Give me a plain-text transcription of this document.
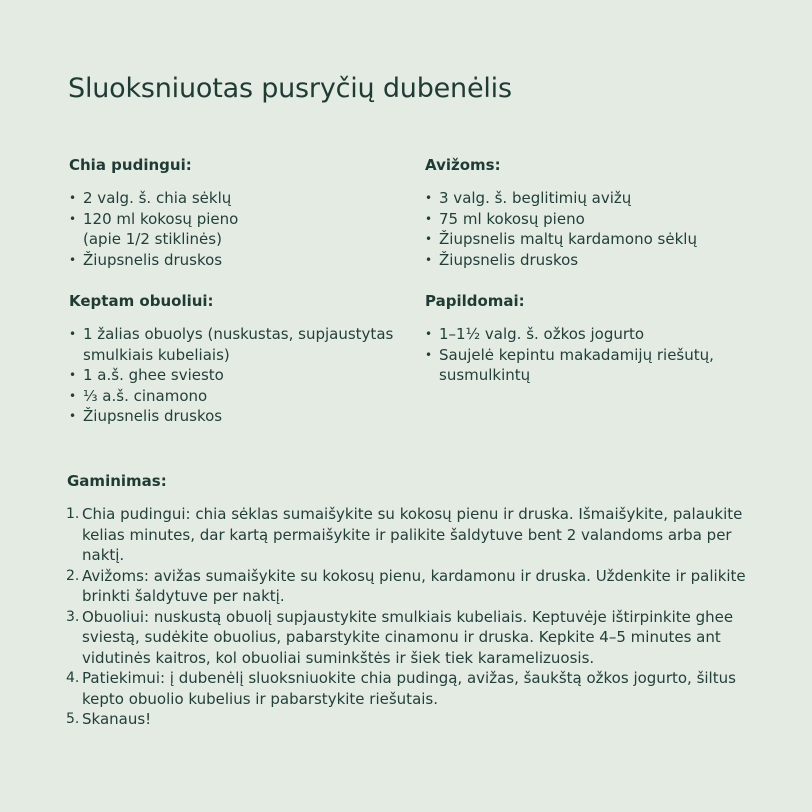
Sluoksniuotas pusryčių dubenėlis
Chia pudingui:
• 2 valg. š. chia sėklų
• 120 ml kokosų pieno (apie 1/2 stiklinės)
• Žiupsnelis druskos
Keptam obuoliui:
• 1 žalias obuolys (nuskustas, supjaustytas smulkiais kubeliais)
• 1 a.š. ghee sviesto
• ⅓ a.š. cinamono
• Žiupsnelis druskos
Avižoms:
• 3 valg. š. beglitimių avižų
• 75 ml kokosų pieno
• Žiupsnelis maltų kardamono sėklų
• Žiupsnelis druskos
Papildomai:
• 1–1½ valg. š. ožkos jogurto
• Saujelė kepintu makadamijų riešutų, susmulkintų
Gaminimas:
1. Chia pudingui: chia sėklas sumaišykite su kokosų pienu ir druska. Išmaišykite, palaukite kelias minutes, dar kartą permaišykite ir palikite šaldytuve bent 2 valandoms arba per naktį.
2. Avižoms: avižas sumaišykite su kokosų pienu, kardamonu ir druska. Uždenkite ir palikite brinkti šaldytuve per naktį.
3. Obuoliui: nuskustą obuolį supjaustykite smulkiais kubeliais. Keptuvėje ištirpinkite ghee sviestą, sudėkite obuolius, pabarstykite cinamonu ir druska. Kepkite 4–5 minutes ant vidutinės kaitros, kol obuoliai suminkštės ir šiek tiek karamelizuosis.
4. Patiekimui: į dubenėlį sluoksniuokite chia pudingą, avižas, šaukštą ožkos jogurto, šiltus kepto obuolio kubelius ir pabarstykite riešutais.
5. Skanaus!
